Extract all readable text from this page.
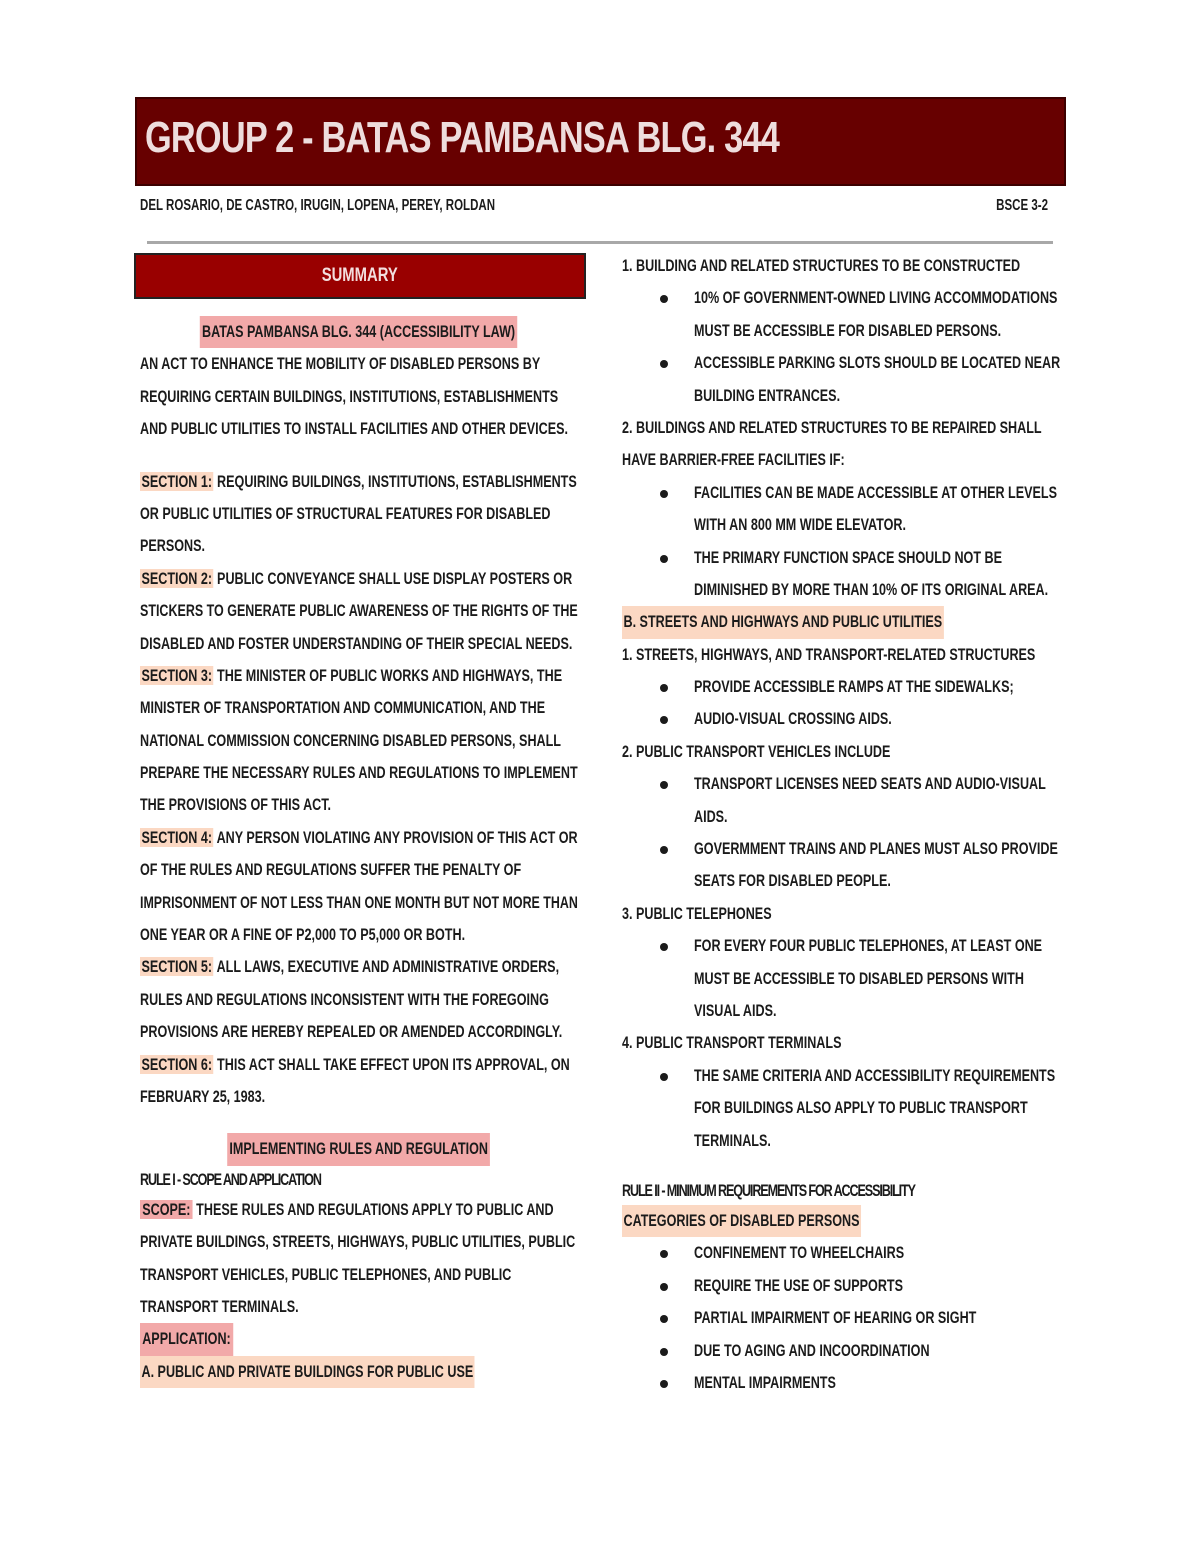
GROUP 2 - BATAS PAMBANSA BLG. 344
DEL ROSARIO, DE CASTRO, IRUGIN, LOPENA, PEREY, ROLDAN	BSCE 3-2
SUMMARY
BATAS PAMBANSA BLG. 344 (ACCESSIBILITY LAW)
AN ACT TO ENHANCE THE MOBILITY OF DISABLED PERSONS BY
REQUIRING CERTAIN BUILDINGS, INSTITUTIONS, ESTABLISHMENTS
AND PUBLIC UTILITIES TO INSTALL FACILITIES AND OTHER DEVICES.
SECTION 1: REQUIRING BUILDINGS, INSTITUTIONS, ESTABLISHMENTS
OR PUBLIC UTILITIES OF STRUCTURAL FEATURES FOR DISABLED
PERSONS.
SECTION 2: PUBLIC CONVEYANCE SHALL USE DISPLAY POSTERS OR
STICKERS TO GENERATE PUBLIC AWARENESS OF THE RIGHTS OF THE
DISABLED AND FOSTER UNDERSTANDING OF THEIR SPECIAL NEEDS.
SECTION 3: THE MINISTER OF PUBLIC WORKS AND HIGHWAYS, THE
MINISTER OF TRANSPORTATION AND COMMUNICATION, AND THE
NATIONAL COMMISSION CONCERNING DISABLED PERSONS, SHALL
PREPARE THE NECESSARY RULES AND REGULATIONS TO IMPLEMENT
THE PROVISIONS OF THIS ACT.
SECTION 4: ANY PERSON VIOLATING ANY PROVISION OF THIS ACT OR
OF THE RULES AND REGULATIONS SUFFER THE PENALTY OF
IMPRISONMENT OF NOT LESS THAN ONE MONTH BUT NOT MORE THAN
ONE YEAR OR A FINE OF P2,000 TO P5,000 OR BOTH.
SECTION 5: ALL LAWS, EXECUTIVE AND ADMINISTRATIVE ORDERS,
RULES AND REGULATIONS INCONSISTENT WITH THE FOREGOING
PROVISIONS ARE HEREBY REPEALED OR AMENDED ACCORDINGLY.
SECTION 6: THIS ACT SHALL TAKE EFFECT UPON ITS APPROVAL, ON
FEBRUARY 25, 1983.
IMPLEMENTING RULES AND REGULATION
RULE I - SCOPE AND APPLICATION
SCOPE: THESE RULES AND REGULATIONS APPLY TO PUBLIC AND
PRIVATE BUILDINGS, STREETS, HIGHWAYS, PUBLIC UTILITIES, PUBLIC
TRANSPORT VEHICLES, PUBLIC TELEPHONES, AND PUBLIC
TRANSPORT TERMINALS.
APPLICATION:
A. PUBLIC AND PRIVATE BUILDINGS FOR PUBLIC USE
1. BUILDING AND RELATED STRUCTURES TO BE CONSTRUCTED
10% OF GOVERNMENT-OWNED LIVING ACCOMMODATIONS
MUST BE ACCESSIBLE FOR DISABLED PERSONS.
ACCESSIBLE PARKING SLOTS SHOULD BE LOCATED NEAR
BUILDING ENTRANCES.
2. BUILDINGS AND RELATED STRUCTURES TO BE REPAIRED SHALL
HAVE BARRIER-FREE FACILITIES IF:
FACILITIES CAN BE MADE ACCESSIBLE AT OTHER LEVELS
WITH AN 800 MM WIDE ELEVATOR.
THE PRIMARY FUNCTION SPACE SHOULD NOT BE
DIMINISHED BY MORE THAN 10% OF ITS ORIGINAL AREA.
B. STREETS AND HIGHWAYS AND PUBLIC UTILITIES
1. STREETS, HIGHWAYS, AND TRANSPORT-RELATED STRUCTURES
PROVIDE ACCESSIBLE RAMPS AT THE SIDEWALKS;
AUDIO-VISUAL CROSSING AIDS.
2. PUBLIC TRANSPORT VEHICLES INCLUDE
TRANSPORT LICENSES NEED SEATS AND AUDIO-VISUAL
AIDS.
GOVERMMENT TRAINS AND PLANES MUST ALSO PROVIDE
SEATS FOR DISABLED PEOPLE.
3. PUBLIC TELEPHONES
FOR EVERY FOUR PUBLIC TELEPHONES, AT LEAST ONE
MUST BE ACCESSIBLE TO DISABLED PERSONS WITH
VISUAL AIDS.
4. PUBLIC TRANSPORT TERMINALS
THE SAME CRITERIA AND ACCESSIBILITY REQUIREMENTS
FOR BUILDINGS ALSO APPLY TO PUBLIC TRANSPORT
TERMINALS.
RULE II - MINIMUM REQUIREMENTS FOR ACCESSIBILITY
CATEGORIES OF DISABLED PERSONS
CONFINEMENT TO WHEELCHAIRS
REQUIRE THE USE OF SUPPORTS
PARTIAL IMPAIRMENT OF HEARING OR SIGHT
DUE TO AGING AND INCOORDINATION
MENTAL IMPAIRMENTS
